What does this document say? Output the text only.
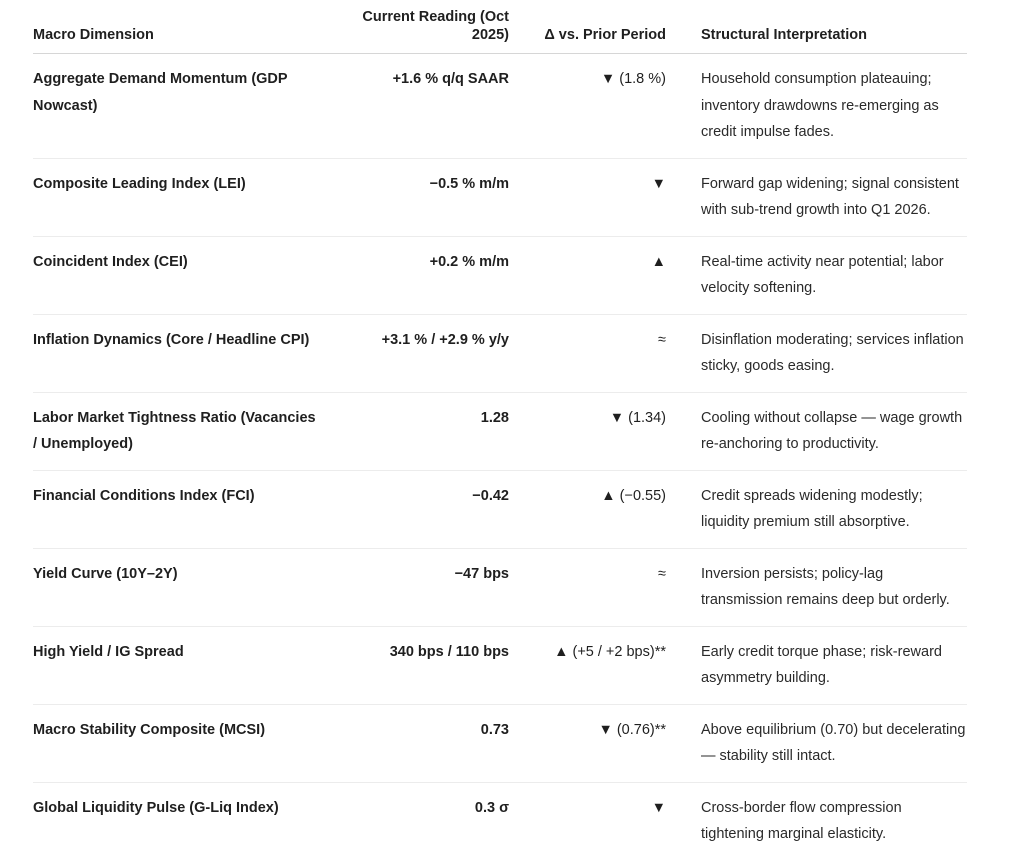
Macro Dimension	Current Reading (Oct 2025)	Δ vs. Prior Period	Structural Interpretation
Aggregate Demand Momentum (GDP Nowcast)	+1.6 % q/q SAAR	▼ (1.8 %)	Household consumption plateauing; inventory drawdowns re-emerging as credit impulse fades.
Composite Leading Index (LEI)	−0.5 % m/m	▼	Forward gap widening; signal consistent with sub-trend growth into Q1 2026.
Coincident Index (CEI)	+0.2 % m/m	▲	Real-time activity near potential; labor velocity softening.
Inflation Dynamics (Core / Headline CPI)	+3.1 % / +2.9 % y/y	≈	Disinflation moderating; services inflation sticky, goods easing.
Labor Market Tightness Ratio (Vacancies / Unemployed)	1.28	▼ (1.34)	Cooling without collapse — wage growth re-anchoring to productivity.
Financial Conditions Index (FCI)	−0.42	▲ (−0.55)	Credit spreads widening modestly; liquidity premium still absorptive.
Yield Curve (10Y–2Y)	−47 bps	≈	Inversion persists; policy-lag transmission remains deep but orderly.
High Yield / IG Spread	340 bps / 110 bps	▲ (+5 / +2 bps)**	Early credit torque phase; risk-reward asymmetry building.
Macro Stability Composite (MCSI)	0.73	▼ (0.76)**	Above equilibrium (0.70) but decelerating — stability still intact.
Global Liquidity Pulse (G-Liq Index)	0.3 σ	▼	Cross-border flow compression tightening marginal elasticity.
